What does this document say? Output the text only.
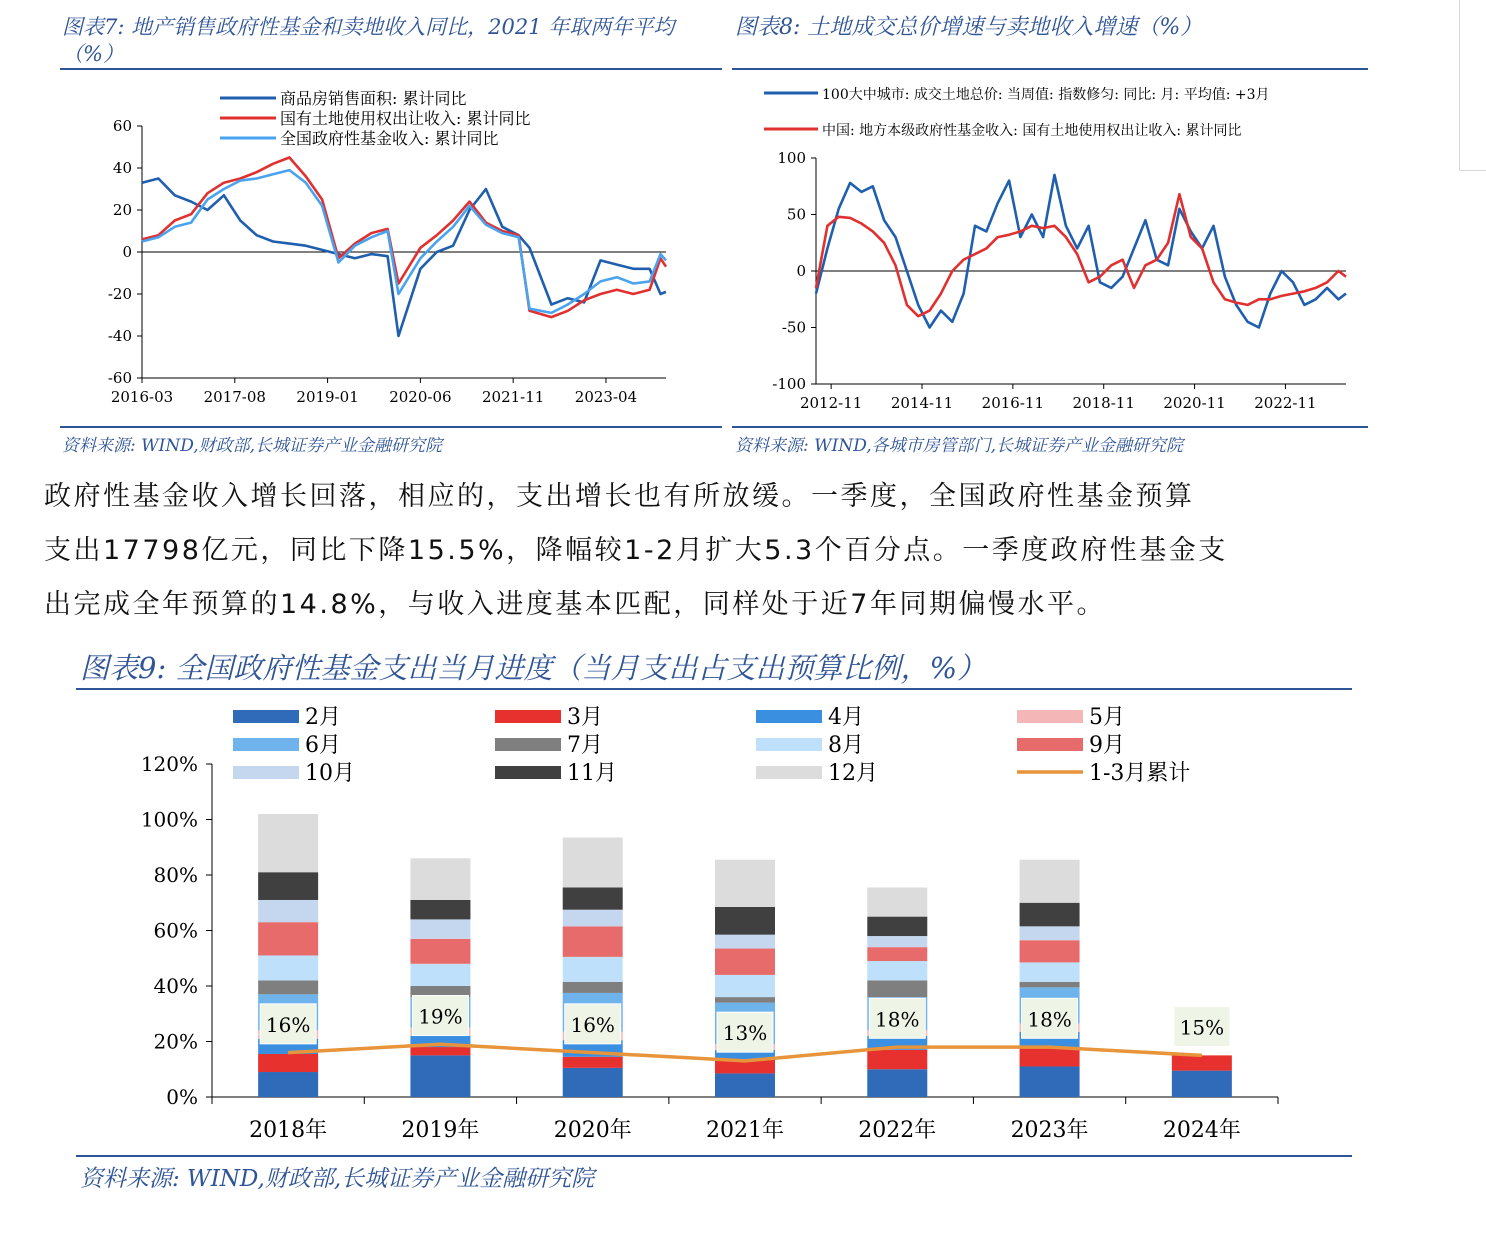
图表7: 地产销售政府性基金和卖地收入同比，2021 年取两年平均
（%）
图表8: 土地成交总价增速与卖地收入增速（%）
60
40
20
0
-20
-40
-60
2016-03 2017-08 2019-01 2020-06 2021-11 2023-04
商品房销售面积: 累计同比
国有土地使用权出让收入: 累计同比
全国政府性基金收入: 累计同比
100
50
0
-50
-100
2012-11 2014-11 2016-11 2018-11 2020-11 2022-11
100大中城市: 成交土地总价: 当周值: 指数修匀: 同比: 月: 平均值: +3月
中国: 地方本级政府性基金收入: 国有土地使用权出让收入: 累计同比
资料来源: WIND,财政部,长城证券产业金融研究院	资料来源: WIND,各城市房管部门,长城证券产业金融研究院

政府性基金收入增长回落，相应的，支出增长也有所放缓。一季度，全国政府性基金预算

支出17798亿元，同比下降15.5%，降幅较1-2月扩大5.3个百分点。一季度政府性基金支

出完成全年预算的14.8%，与收入进度基本匹配，同样处于近7年同期偏慢水平。

图表9: 全国政府性基金支出当月进度（当月支出占支出预算比例，%）
0%
20%
40%
60%
80%
100%
120%
2018年	2019年	2020年	2021年	2022年	2023年	2024年
16%	19%	16%	13%
18%	18%	15%
2月	3月	4月	5月
6月	7月	8月	9月
10月	11月	12月	1-3月累计
资料来源: WIND,财政部,长城证券产业金融研究院
